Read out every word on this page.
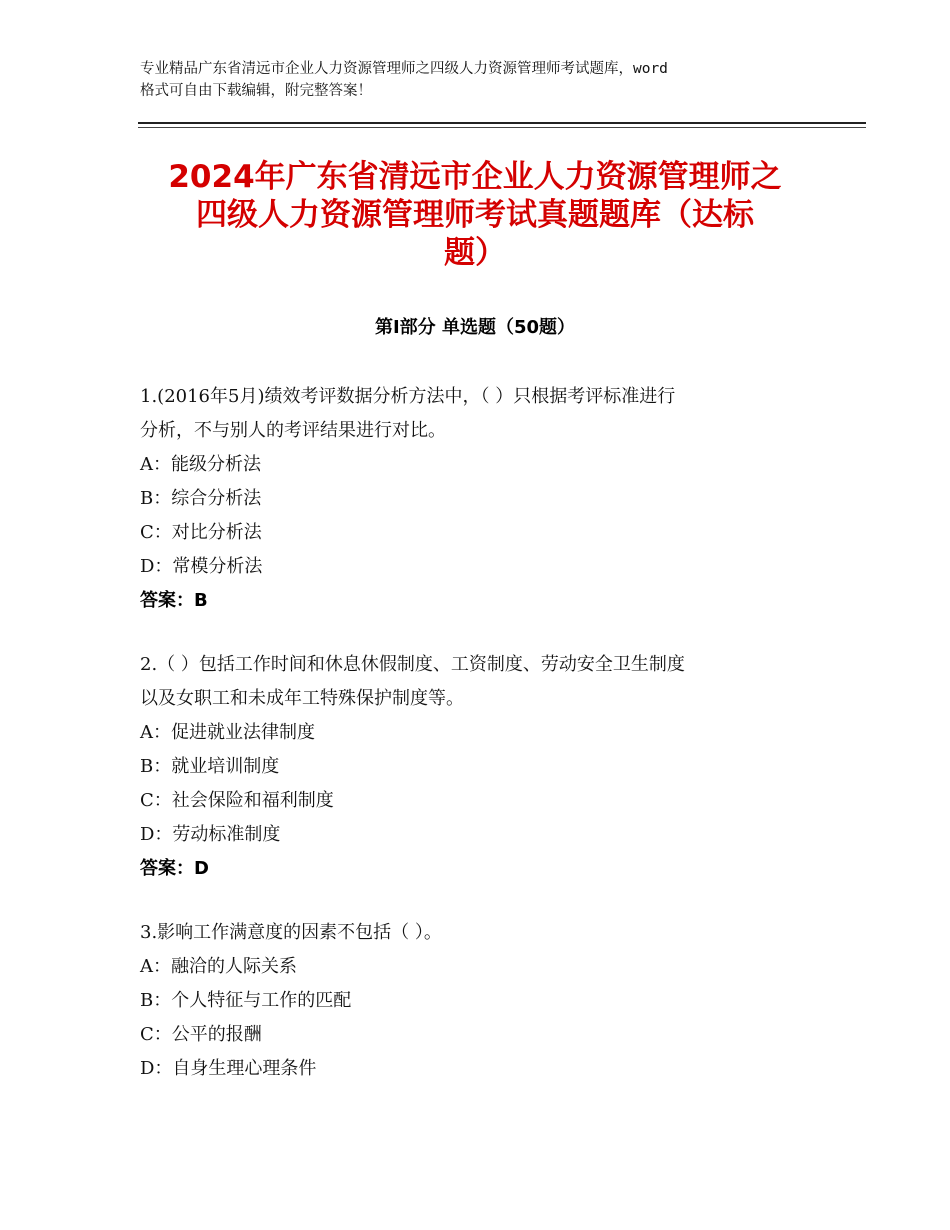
专业精品广东省清远市企业人力资源管理师之四级人力资源管理师考试题库，word
格式可自由下载编辑，附完整答案！
2024年广东省清远市企业人力资源管理师之
四级人力资源管理师考试真题题库（达标
题）
第Ⅰ部分 单选题（50题）
1.(2016年5月)绩效考评数据分析方法中，（ ）只根据考评标准进行
分析，不与别人的考评结果进行对比。
A：能级分析法
B：综合分析法
C：对比分析法
D：常模分析法
答案：B
2.（ ）包括工作时间和休息休假制度、工资制度、劳动安全卫生制度
以及女职工和未成年工特殊保护制度等。
A：促进就业法律制度
B：就业培训制度
C：社会保险和福利制度
D：劳动标准制度
答案：D
3.影响工作满意度的因素不包括（ ）。
A：融洽的人际关系
B：个人特征与工作的匹配
C：公平的报酬
D：自身生理心理条件
